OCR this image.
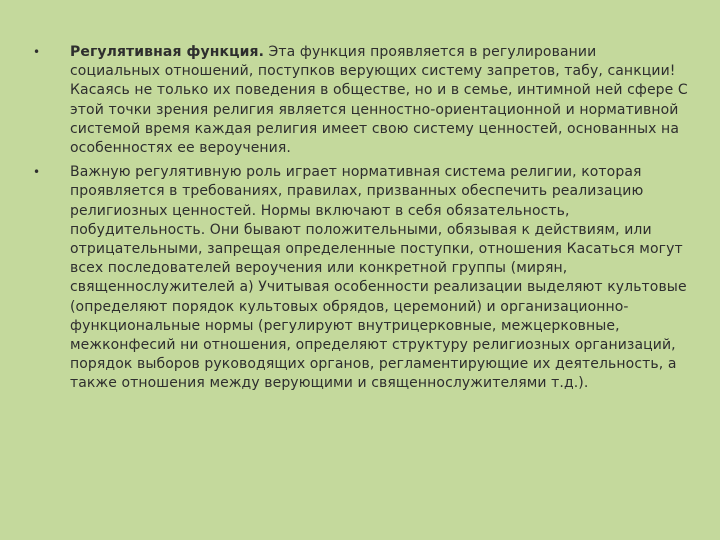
•	Регулятивная функция. Эта функция проявляется в регулировании социальных отношений, поступков верующих систему запретов, табу, санкции! Касаясь не только их поведения в обществе, но и в семье, интимной ней сфере С этой точки зрения религия является ценностно-ориентационной и нормативной системой время каждая религия имеет свою систему ценностей, основанных на особенностях ее вероучения.
•	Важную регулятивную роль играет нормативная система религии, которая проявляется в требованиях, правилах, призванных обеспечить реализацию религиозных ценностей. Нормы включают в себя обязательность, побудительность. Они бывают положительными, обязывая к действиям, или отрицательными, запрещая определенные поступки, отношения Касаться могут всех последователей вероучения или конкретной группы (мирян, священнослужителей а) Учитывая особенности реализации выделяют культовые (определяют порядок культовых обрядов, церемоний) и организационно-функциональные нормы (регулируют внутрицерковные, межцерковные, межконфесий ни отношения, определяют структуру религиозных организаций, порядок выборов руководящих органов, регламентирующие их деятельность, а также отношения между верующими и священнослужителями т.д.).
